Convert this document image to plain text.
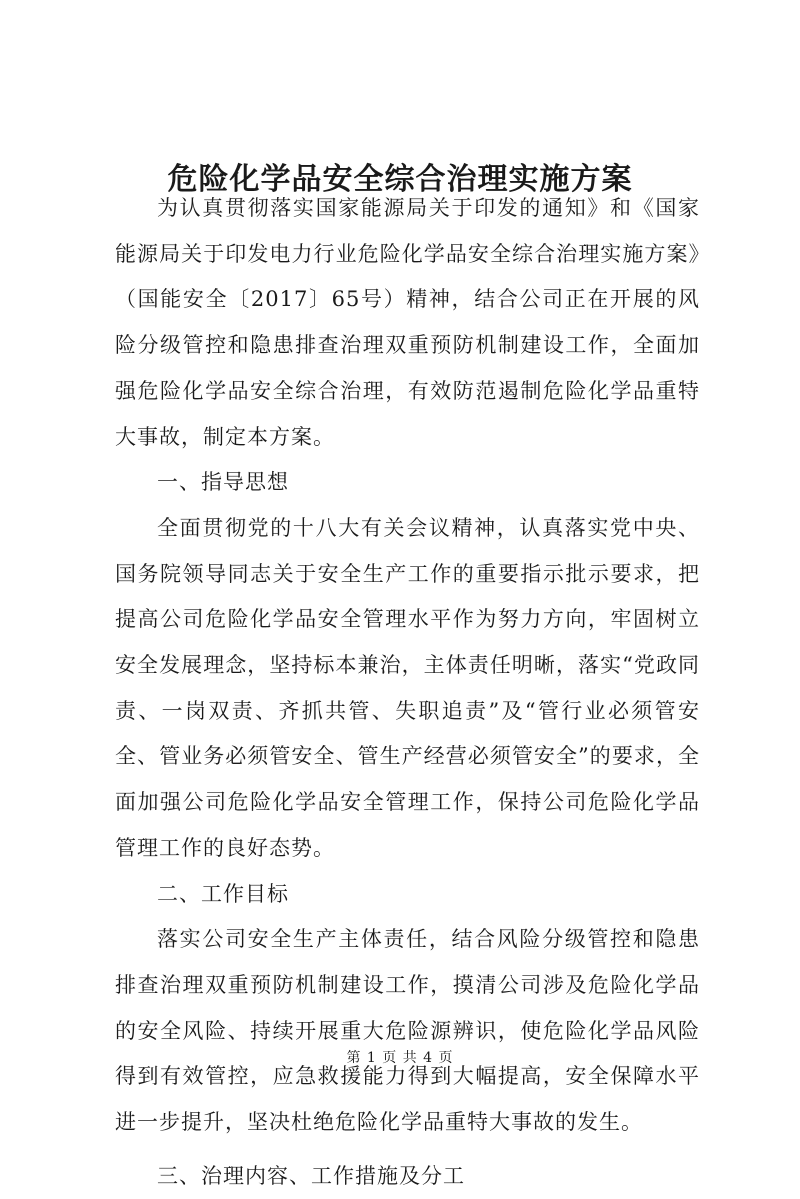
危险化学品安全综合治理实施方案

为认真贯彻落实国家能源局关于印发的通知》和《国家能源局关于印发电力行业危险化学品安全综合治理实施方案》（国能安全〔2017〕65号）精神，结合公司正在开展的风险分级管控和隐患排查治理双重预防机制建设工作，全面加强危险化学品安全综合治理，有效防范遏制危险化学品重特大事故，制定本方案。

一、指导思想

全面贯彻党的十八大有关会议精神，认真落实党中央、国务院领导同志关于安全生产工作的重要指示批示要求，把提高公司危险化学品安全管理水平作为努力方向，牢固树立安全发展理念，坚持标本兼治，主体责任明晰，落实“党政同责、一岗双责、齐抓共管、失职追责”及“管行业必须管安全、管业务必须管安全、管生产经营必须管安全”的要求，全面加强公司危险化学品安全管理工作，保持公司危险化学品管理工作的良好态势。

二、工作目标

落实公司安全生产主体责任，结合风险分级管控和隐患排查治理双重预防机制建设工作，摸清公司涉及危险化学品的安全风险、持续开展重大危险源辨识，使危险化学品风险得到有效管控，应急救援能力得到大幅提高，安全保障水平进一步提升，坚决杜绝危险化学品重特大事故的发生。

三、治理内容、工作措施及分工

第 1 页 共 4 页
